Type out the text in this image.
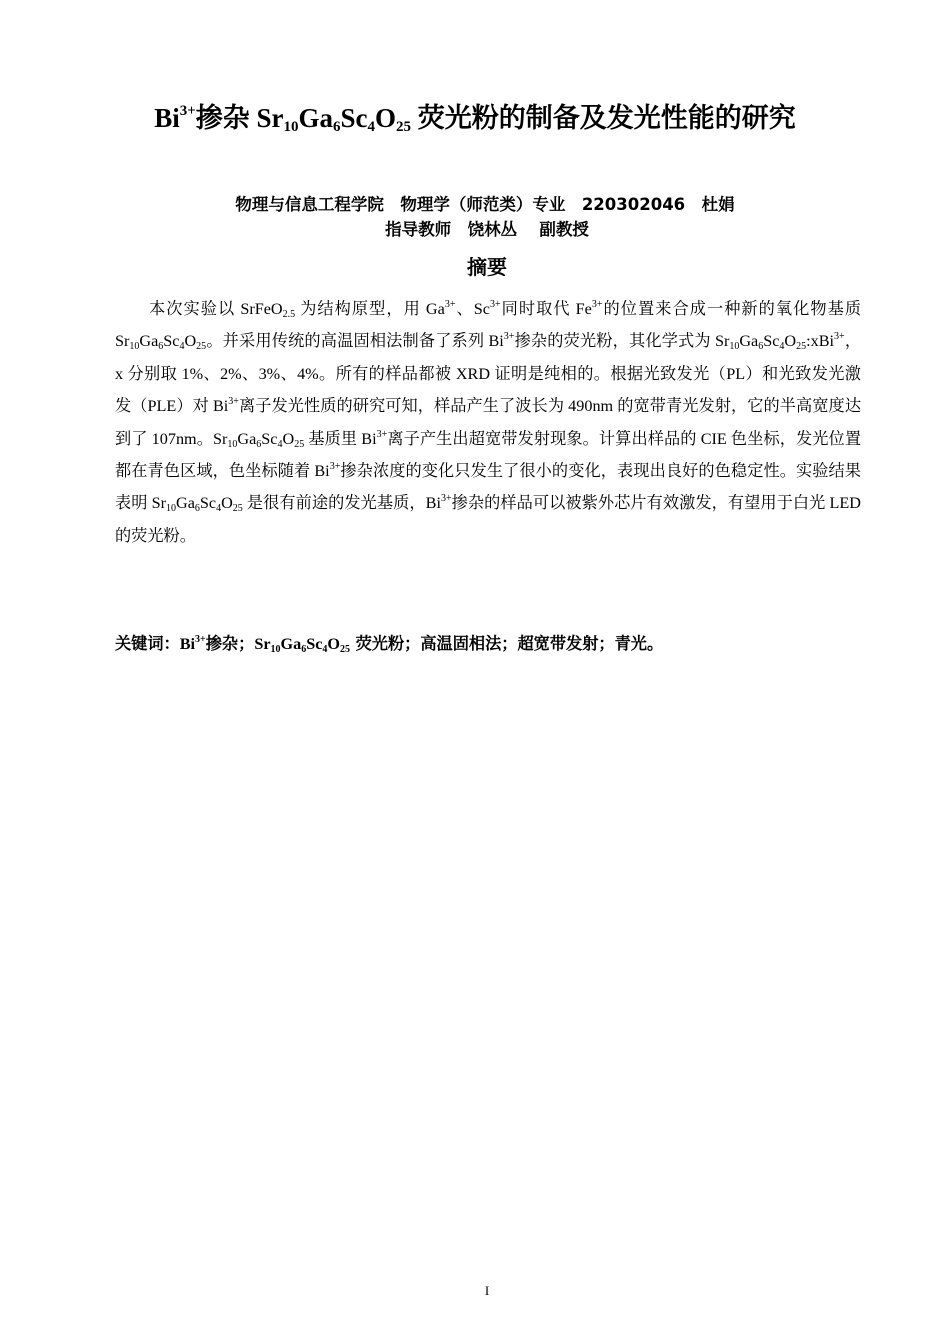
$Bi^{3+}$掺杂 $Sr_{10}Ga_6Sc_4O_{25}$ 荧光粉的制备及发光性能的研究
物理与信息工程学院　物理学（师范类）专业　220302046　杜娟
指导教师　饶林丛　 副教授
摘要
本次实验以 SrFeO$_{2.5}$ 为结构原型，用 $Ga^{3+}$、$Sc^{3+}$同时取代 $Fe^{3+}$的位置来合成一种新的氧化物基质 $Sr_{10}Ga_6Sc_4O_{25}$。并采用传统的高温固相法制备了系列 $Bi^{3+}$掺杂的荧光粉，其化学式为 $Sr_{10}Ga_6Sc_4O_{25}:xBi^{3+}$，x 分别取 1%、2%、3%、4%。所有的样品都被 XRD 证明是纯相的。根据光致发光（PL）和光致发光激发（PLE）对 $Bi^{3+}$离子发光性质的研究可知，样品产生了波长为 490nm 的宽带青光发射，它的半高宽度达到了 107nm。$Sr_{10}Ga_6Sc_4O_{25}$ 基质里 $Bi^{3+}$离子产生出超宽带发射现象。计算出样品的 CIE 色坐标，发光位置都在青色区域，色坐标随着 $Bi^{3+}$掺杂浓度的变化只发生了很小的变化，表现出良好的色稳定性。实验结果表明 $Sr_{10}Ga_6Sc_4O_{25}$ 是很有前途的发光基质，$Bi^{3+}$掺杂的样品可以被紫外芯片有效激发，有望用于白光 LED 的荧光粉。
关键词：$Bi^{3+}$掺杂；$Sr_{10}Ga_6Sc_4O_{25}$ 荧光粉；高温固相法；超宽带发射；青光。
I
